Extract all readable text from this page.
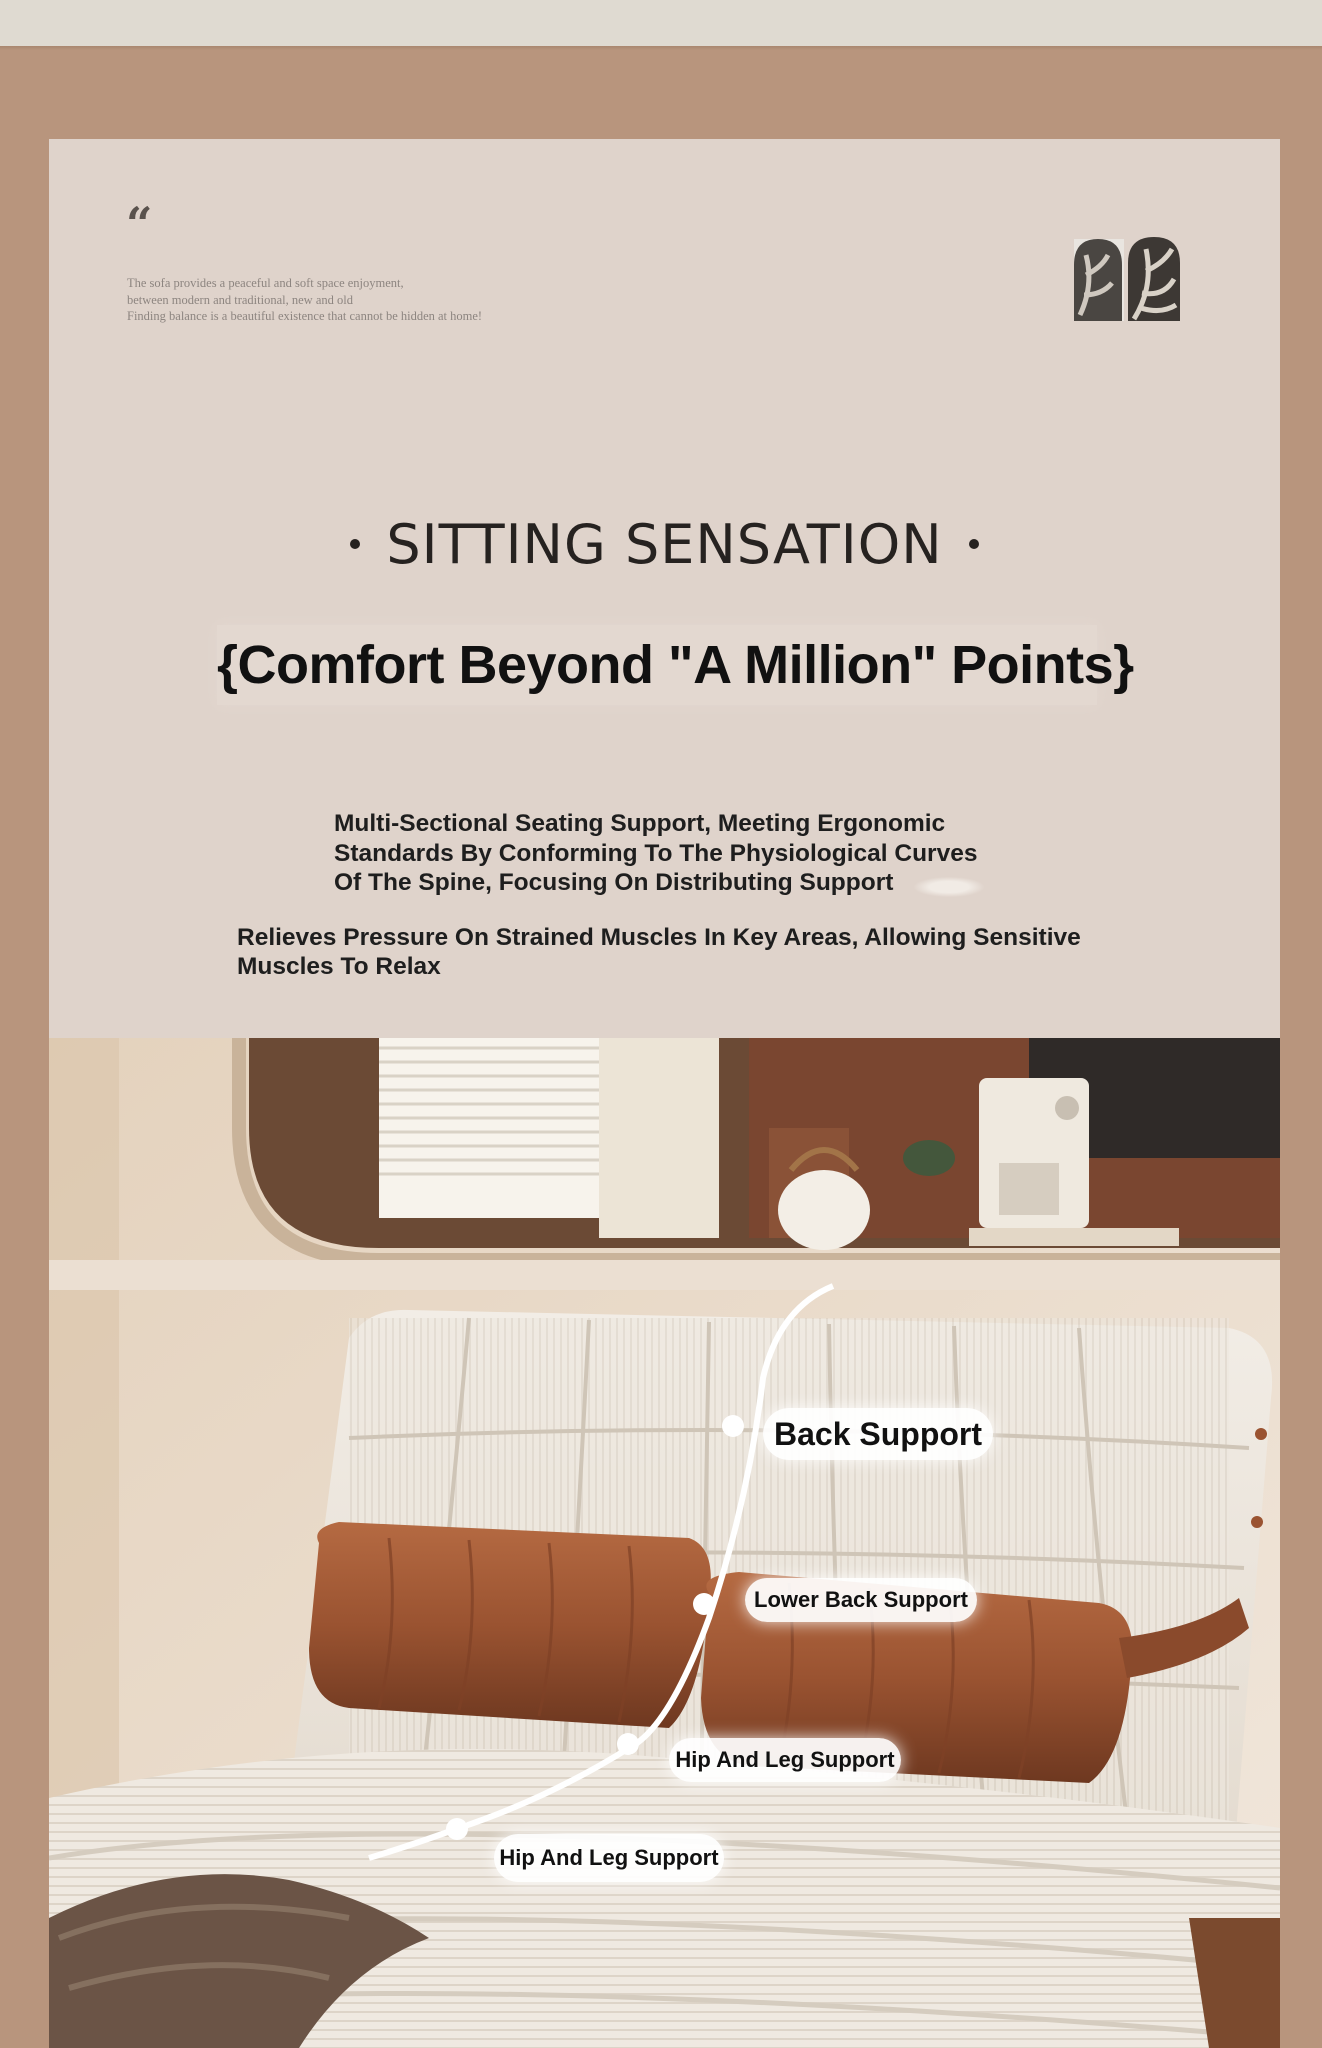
“
The sofa provides a peaceful and soft space enjoyment,
between modern and traditional, new and old
Finding balance is a beautiful existence that cannot be hidden at home!
SITTING SENSATION
{Comfort Beyond "A Million" Points}
Multi-Sectional Seating Support, Meeting Ergonomic
Standards By Conforming To The Physiological Curves
Of The Spine, Focusing On Distributing Support
Relieves Pressure On Strained Muscles In Key Areas, Allowing Sensitive
Muscles To Relax
Back Support
Lower Back Support
Hip And Leg Support
Hip And Leg Support
